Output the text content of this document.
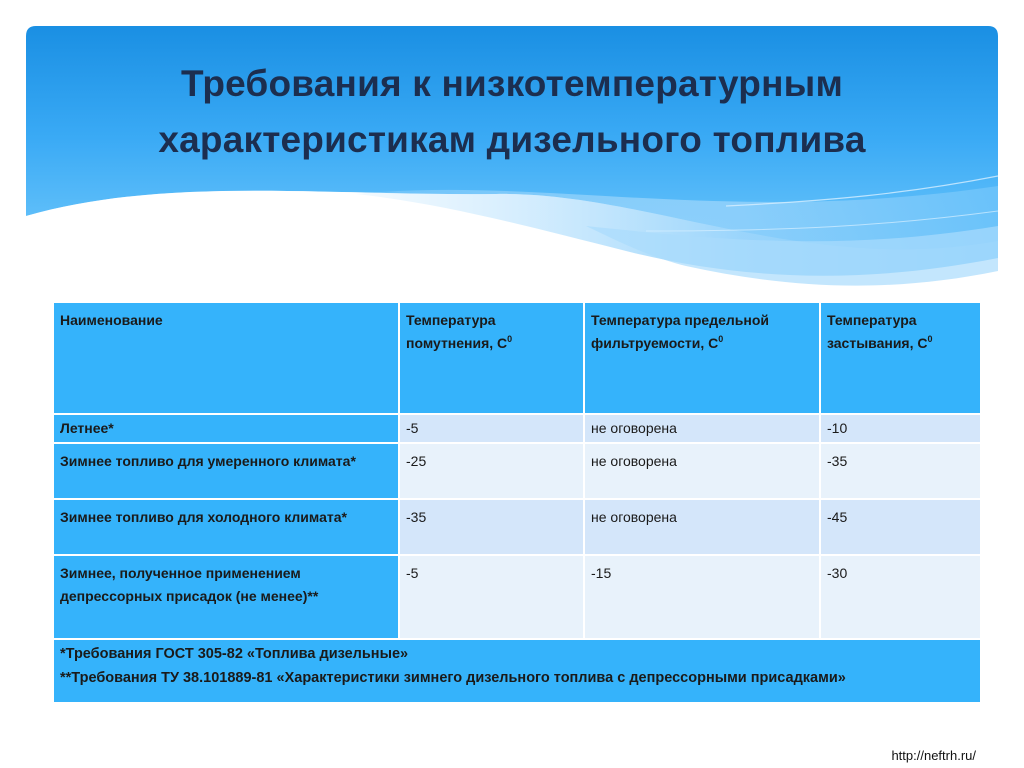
Требования к низкотемпературным
характеристикам дизельного топлива
Наименование	Температура помутнения, $С^0$	Температура предельной фильтруемости, $С^0$	Температура застывания, $С^0$
Летнее*	-5	не оговорена	-10
Зимнее топливо для умеренного климата*	-25	не оговорена	-35
Зимнее топливо для холодного климата*	-35	не оговорена	-45
Зимнее, полученное применением депрессорных присадок (не менее)**	-5	-15	-30

*Требования ГОСТ 305-82 «Топлива дизельные»
**Требования ТУ 38.101889-81 «Характеристики зимнего дизельного топлива с депрессорными присадками»			
http://neftrh.ru/
